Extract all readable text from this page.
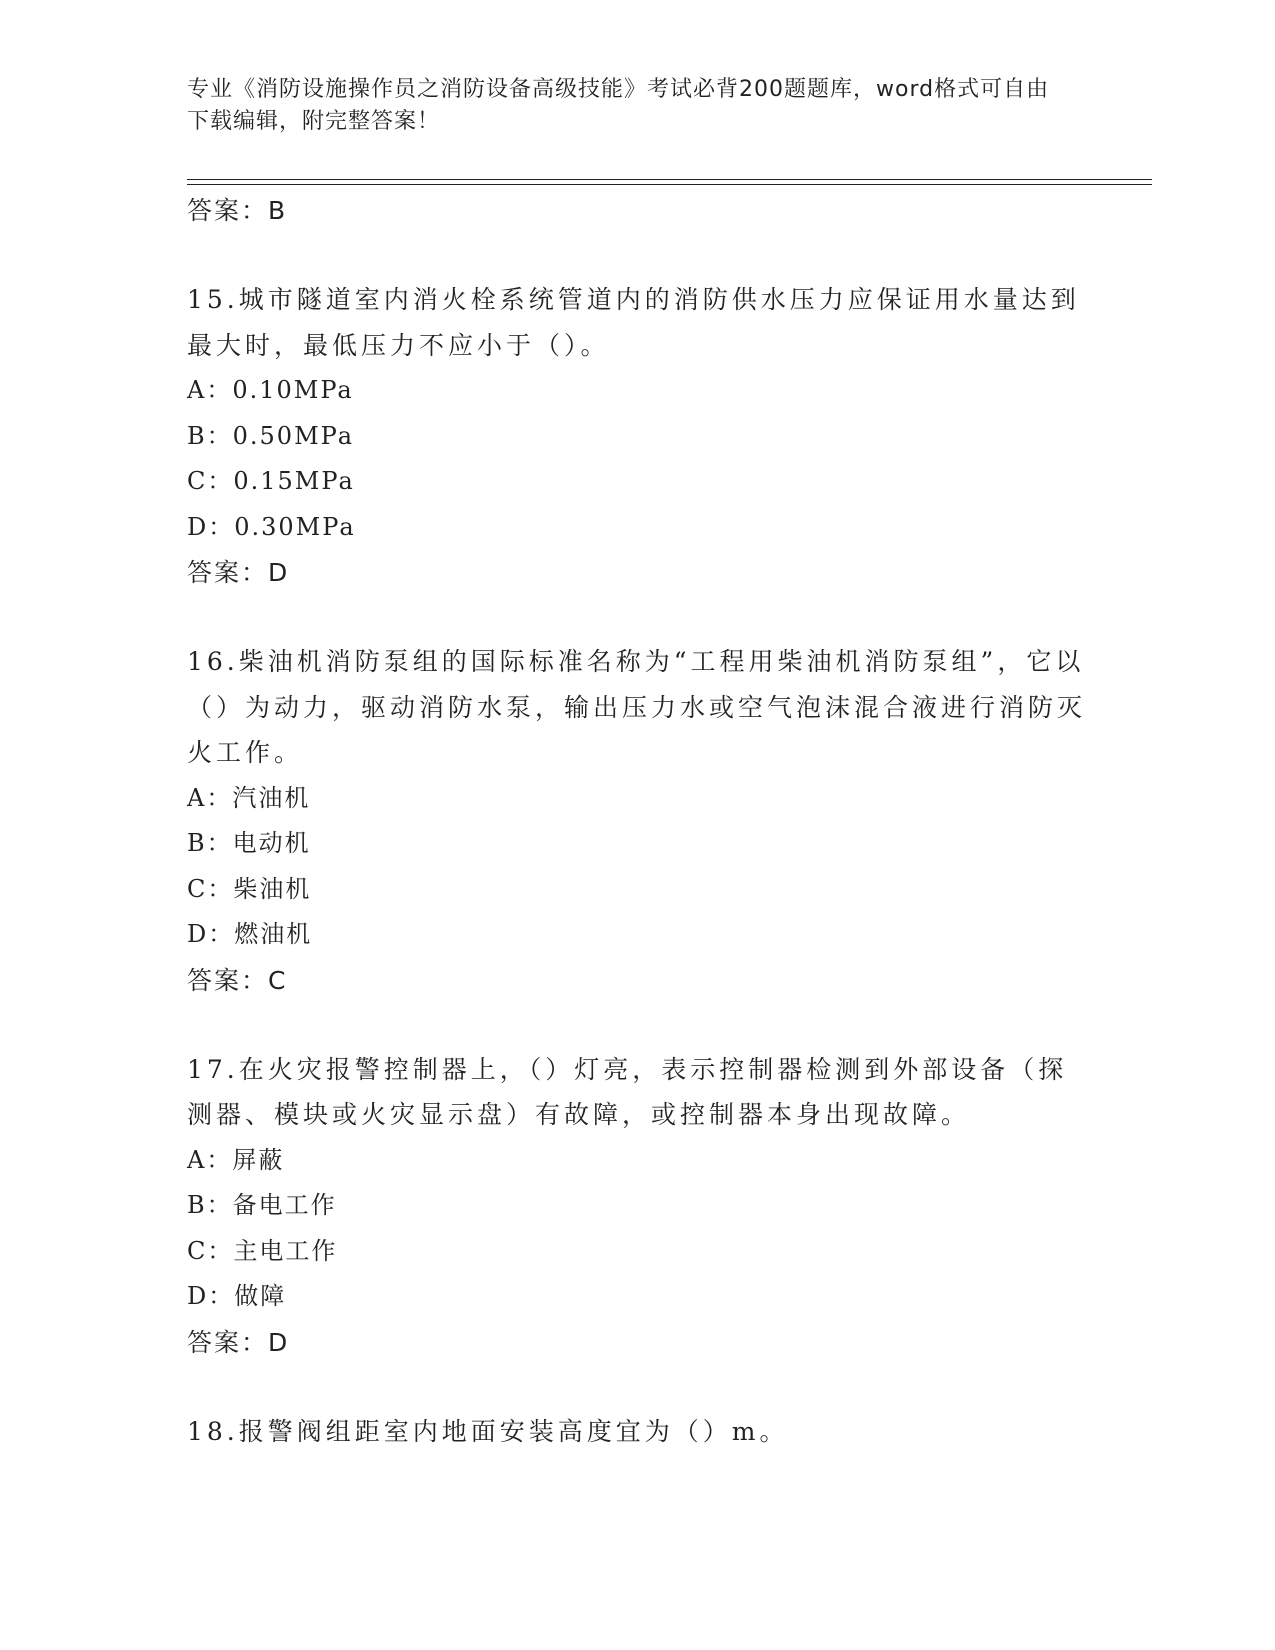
专业《消防设施操作员之消防设备高级技能》考试必背200题题库，word格式可自由下载编辑，附完整答案！
答案：B
15.城市隧道室内消火栓系统管道内的消防供水压力应保证用水量达到最大时，最低压力不应小于（）。
A：0.10MPa
B：0.50MPa
C：0.15MPa
D：0.30MPa
答案：D
16.柴油机消防泵组的国际标准名称为“工程用柴油机消防泵组”，它以（）为动力，驱动消防水泵，输出压力水或空气泡沫混合液进行消防灭火工作。
A：汽油机
B：电动机
C：柴油机
D：燃油机
答案：C
17.在火灾报警控制器上，（）灯亮，表示控制器检测到外部设备（探测器、模块或火灾显示盘）有故障，或控制器本身出现故障。
A：屏蔽
B：备电工作
C：主电工作
D：做障
答案：D
18.报警阀组距室内地面安装高度宜为（）m。
